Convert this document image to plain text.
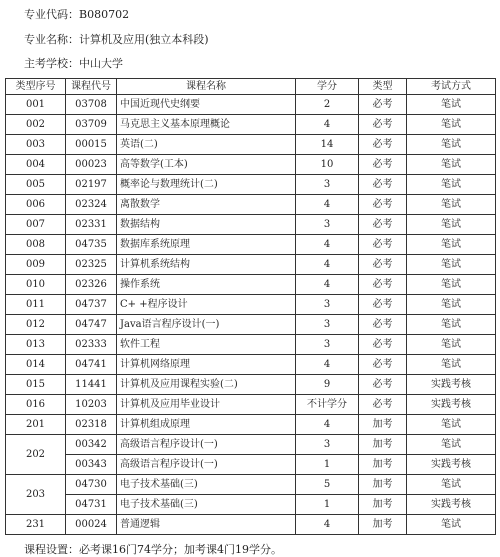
专业代码：B080702
专业名称：计算机及应用(独立本科段)
主考学校：中山大学
类型序号	课程代号	课程名称	学分	类型	考试方式
001	03708	中国近现代史纲要	2	必考	笔试
002	03709	马克思主义基本原理概论	4	必考	笔试
003	00015	英语(二)	14	必考	笔试
004	00023	高等数学(工本)	10	必考	笔试
005	02197	概率论与数理统计(二)	3	必考	笔试
006	02324	离散数学	4	必考	笔试
007	02331	数据结构	3	必考	笔试
008	04735	数据库系统原理	4	必考	笔试
009	02325	计算机系统结构	4	必考	笔试
010	02326	操作系统	4	必考	笔试
011	04737	C+ +程序设计	3	必考	笔试
012	04747	Java语言程序设计(一)	3	必考	笔试
013	02333	软件工程	3	必考	笔试
014	04741	计算机网络原理	4	必考	笔试
015	11441	计算机及应用课程实验(二)	9	必考	实践考核
016	10203	计算机及应用毕业设计	不计学分	必考	实践考核
201	02318	计算机组成原理	4	加考	笔试
202	00342	高级语言程序设计(一)	3	加考	笔试
	00343	高级语言程序设计(一)	1	加考	实践考核
203	04730	电子技术基础(三)	5	加考	笔试
	04731	电子技术基础(三)	1	加考	实践考核
231	00024	普通逻辑	4	加考	笔试
课程设置：必考课16门74学分；加考课4门19学分。
